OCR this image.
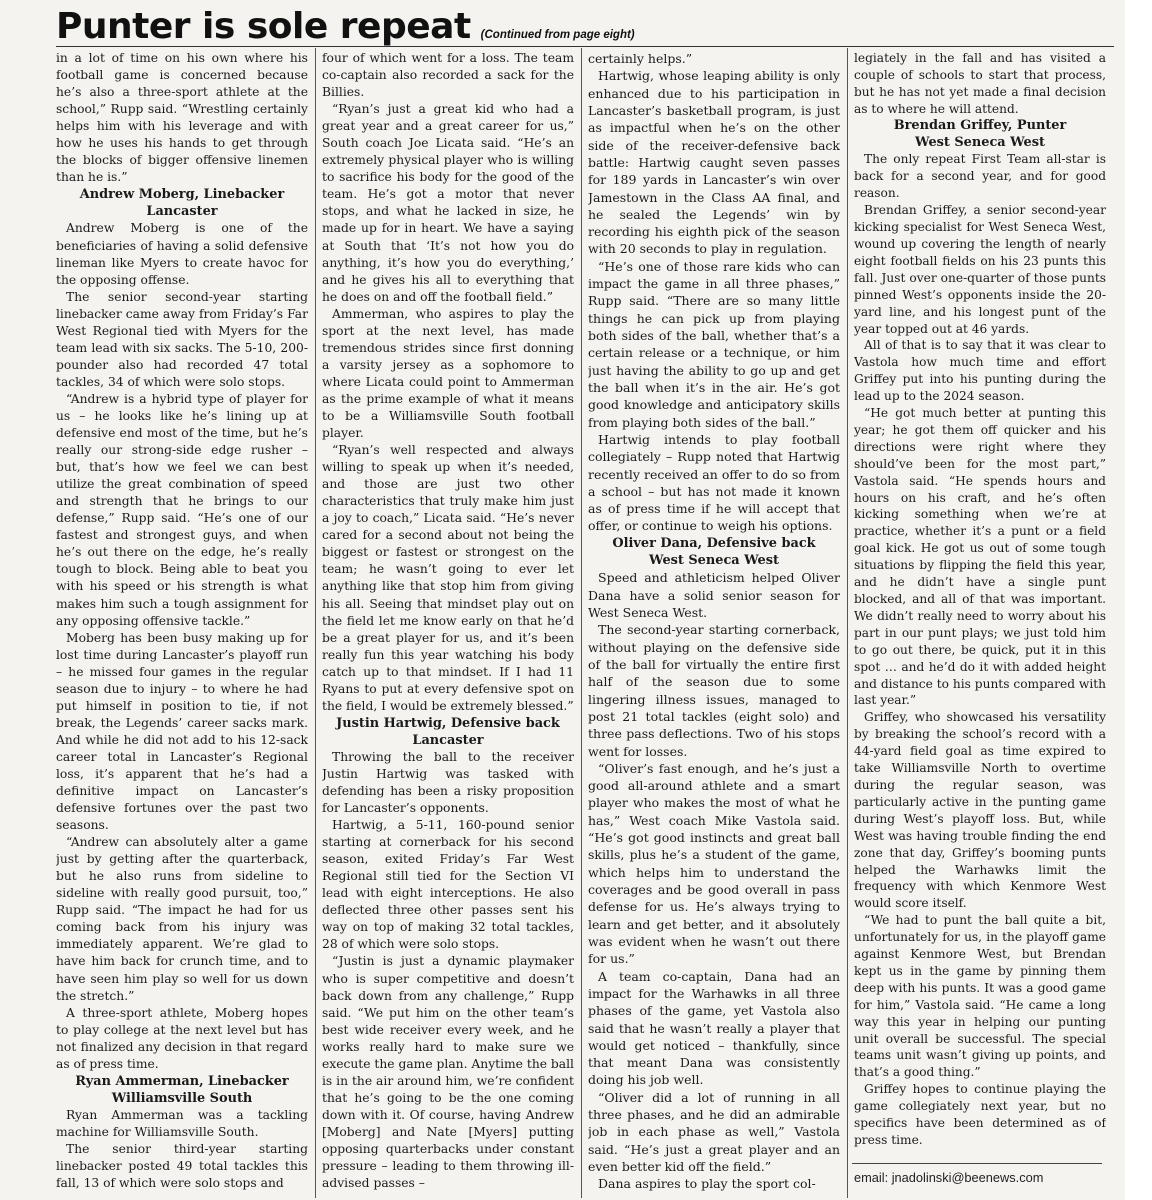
Punter is sole repeat (Continued from page eight)

in a lot of time on his own where his football game is concerned because he’s also a three-sport athlete at the school,” Rupp said. “Wrestling certainly helps him with his leverage and with how he uses his hands to get through the blocks of bigger offensive linemen than he is.”

Andrew Moberg, Linebacker

Lancaster

Andrew Moberg is one of the beneficiaries of having a solid defensive lineman like Myers to create havoc for the opposing offense.

The senior second-year starting linebacker came away from Friday’s Far West Regional tied with Myers for the team lead with six sacks. The 5-10, 200-pounder also had recorded 47 total tackles, 34 of which were solo stops.

“Andrew is a hybrid type of player for us – he looks like he’s lining up at defensive end most of the time, but he’s really our strong-side edge rusher – but, that’s how we feel we can best utilize the great combination of speed and strength that he brings to our defense,” Rupp said. “He’s one of our fastest and strongest guys, and when he’s out there on the edge, he’s really tough to block. Being able to beat you with his speed or his strength is what makes him such a tough assignment for any opposing offensive tackle.”

Moberg has been busy making up for lost time during Lancaster’s playoff run – he missed four games in the regular season due to injury – to where he had put himself in position to tie, if not break, the Legends’ career sacks mark. And while he did not add to his 12-sack career total in Lancaster’s Regional loss, it’s apparent that he’s had a definitive impact on Lancaster’s defensive fortunes over the past two seasons.

“Andrew can absolutely alter a game just by getting after the quarterback, but he also runs from sideline to sideline with really good pursuit, too,” Rupp said. “The impact he had for us coming back from his injury was immediately apparent. We’re glad to have him back for crunch time, and to have seen him play so well for us down the stretch.”

A three-sport athlete, Moberg hopes to play college at the next level but has not finalized any decision in that regard as of press time.

Ryan Ammerman, Linebacker

Williamsville South

Ryan Ammerman was a tackling machine for Williamsville South.

The senior third-year starting linebacker posted 49 total tackles this fall, 13 of which were solo stops and

four of which went for a loss. The team co-captain also recorded a sack for the Billies.

“Ryan’s just a great kid who had a great year and a great career for us,” South coach Joe Licata said. “He’s an extremely physical player who is willing to sacrifice his body for the good of the team. He’s got a motor that never stops, and what he lacked in size, he made up for in heart. We have a saying at South that ‘It’s not how you do anything, it’s how you do everything,’ and he gives his all to everything that he does on and off the football field.”

Ammerman, who aspires to play the sport at the next level, has made tremendous strides since first donning a varsity jersey as a sophomore to where Licata could point to Ammerman as the prime example of what it means to be a Williamsville South football player.

“Ryan’s well respected and always willing to speak up when it’s needed, and those are just two other characteristics that truly make him just a joy to coach,” Licata said. “He’s never cared for a second about not being the biggest or fastest or strongest on the team; he wasn’t going to ever let anything like that stop him from giving his all. Seeing that mindset play out on the field let me know early on that he’d be a great player for us, and it’s been really fun this year watching his body catch up to that mindset. If I had 11 Ryans to put at every defensive spot on the field, I would be extremely blessed.”

Justin Hartwig, Defensive back

Lancaster

Throwing the ball to the receiver Justin Hartwig was tasked with defending has been a risky proposition for Lancaster’s opponents.

Hartwig, a 5-11, 160-pound senior starting at cornerback for his second season, exited Friday’s Far West Regional still tied for the Section VI lead with eight interceptions. He also deflected three other passes sent his way on top of making 32 total tackles, 28 of which were solo stops.

“Justin is just a dynamic playmaker who is super competitive and doesn’t back down from any challenge,” Rupp said. “We put him on the other team’s best wide receiver every week, and he works really hard to make sure we execute the game plan. Anytime the ball is in the air around him, we’re confident that he’s going to be the one coming down with it. Of course, having Andrew [Moberg] and Nate [Myers] putting opposing quarterbacks under constant pressure – leading to them throwing ill-advised passes –

certainly helps.”

Hartwig, whose leaping ability is only enhanced due to his participation in Lancaster’s basketball program, is just as impactful when he’s on the other side of the receiver-defensive back battle: Hartwig caught seven passes for 189 yards in Lancaster’s win over Jamestown in the Class AA final, and he sealed the Legends’ win by recording his eighth pick of the season with 20 seconds to play in regulation.

“He’s one of those rare kids who can impact the game in all three phases,” Rupp said. “There are so many little things he can pick up from playing both sides of the ball, whether that’s a certain release or a technique, or him just having the ability to go up and get the ball when it’s in the air. He’s got good knowledge and anticipatory skills from playing both sides of the ball.”

Hartwig intends to play football collegiately – Rupp noted that Hartwig recently received an offer to do so from a school – but has not made it known as of press time if he will accept that offer, or continue to weigh his options.

Oliver Dana, Defensive back

West Seneca West

Speed and athleticism helped Oliver Dana have a solid senior season for West Seneca West.

The second-year starting cornerback, without playing on the defensive side of the ball for virtually the entire first half of the season due to some lingering illness issues, managed to post 21 total tackles (eight solo) and three pass deflections. Two of his stops went for losses.

“Oliver’s fast enough, and he’s just a good all-around athlete and a smart player who makes the most of what he has,” West coach Mike Vastola said. “He’s got good instincts and great ball skills, plus he’s a student of the game, which helps him to understand the coverages and be good overall in pass defense for us. He’s always trying to learn and get better, and it absolutely was evident when he wasn’t out there for us.”

A team co-captain, Dana had an impact for the Warhawks in all three phases of the game, yet Vastola also said that he wasn’t really a player that would get noticed – thankfully, since that meant Dana was consistently doing his job well.

“Oliver did a lot of running in all three phases, and he did an admirable job in each phase as well,” Vastola said. “He’s just a great player and an even better kid off the field.”

Dana aspires to play the sport col-

legiately in the fall and has visited a couple of schools to start that process, but he has not yet made a final decision as to where he will attend.

Brendan Griffey, Punter

West Seneca West

The only repeat First Team all-star is back for a second year, and for good reason.

Brendan Griffey, a senior second-year kicking specialist for West Seneca West, wound up covering the length of nearly eight football fields on his 23 punts this fall. Just over one-quarter of those punts pinned West’s opponents inside the 20-yard line, and his longest punt of the year topped out at 46 yards.

All of that is to say that it was clear to Vastola how much time and effort Griffey put into his punting during the lead up to the 2024 season.

“He got much better at punting this year; he got them off quicker and his directions were right where they should’ve been for the most part,” Vastola said. “He spends hours and hours on his craft, and he’s often kicking something when we’re at practice, whether it’s a punt or a field goal kick. He got us out of some tough situations by flipping the field this year, and he didn’t have a single punt blocked, and all of that was important. We didn’t really need to worry about his part in our punt plays; we just told him to go out there, be quick, put it in this spot … and he’d do it with added height and distance to his punts compared with last year.”

Griffey, who showcased his versatility by breaking the school’s record with a 44-yard field goal as time expired to take Williamsville North to overtime during the regular season, was particularly active in the punting game during West’s playoff loss. But, while West was having trouble finding the end zone that day, Griffey’s booming punts helped the Warhawks limit the frequency with which Kenmore West would score itself.

“We had to punt the ball quite a bit, unfortunately for us, in the playoff game against Kenmore West, but Brendan kept us in the game by pinning them deep with his punts. It was a good game for him,” Vastola said. “He came a long way this year in helping our punting unit overall be successful. The special teams unit wasn’t giving up points, and that’s a good thing.”

Griffey hopes to continue playing the game collegiately next year, but no specifics have been determined as of press time.

email: jnadolinski@beenews.com
